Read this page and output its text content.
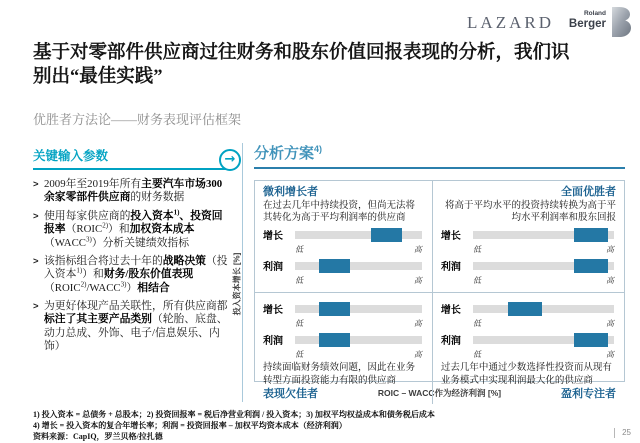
LAZARD	Roland
Berger
基于对零部件供应商过往财务和股东价值回报表现的分析，我们识
别出“最佳实践”
优胜者方法论——财务表现评估框架
关键输入参数	→
> 2009年至2019年所有主要汽车市场300余家零部件供应商的财务数据
> 使用每家供应商的投入资本$^{1)}$、投资回报率（ROIC$^{2)}$）和加权资本成本（WACC$^{3)}$）分析关键绩效指标
> 该指标组合将过去十年的战略决策（投入资本$^{1)}$）和财务/股东价值表现（ROIC$^{2)}$/WACC$^{3)}$）相结合
> 为更好体现产品关联性，所有供应商都标注了其主要产品类别（轮胎、底盘、动力总成、外饰、电子/信息娱乐、内饰）
分析方案$^{4)}$
微利增长者
在过去几年中持续投资，但尚无法将其转化为高于平均利润率的供应商
增长
低	高
利润
低	高
全面优胜者
将高于平均水平的投资持续转换为高于平均水平利润率和股东回报
增长
低	高
利润
低	高
增长
低	高
利润
低	高
持续面临财务绩效问题，因此在业务转型方面投资能力有限的供应商
表现欠佳者
增长
低	高
利润
低	高
过去几年中通过少数选择性投资而从现有业务模式中实现利润最大化的供应商
盈利专注者
ROIC – WACC作为经济利润 [%]
投入资本增长 [%]
1) 投入资本 = 总债务 + 总股本；2) 投资回报率 = 税后净营业利润 / 投入资本；3) 加权平均权益成本和债务税后成本
4) 增长 = 投入资本的复合年增长率；利润 = 投资回报率 – 加权平均资本成本（经济利润）
资料来源：CapIQ，罗兰贝格/拉扎德	25
